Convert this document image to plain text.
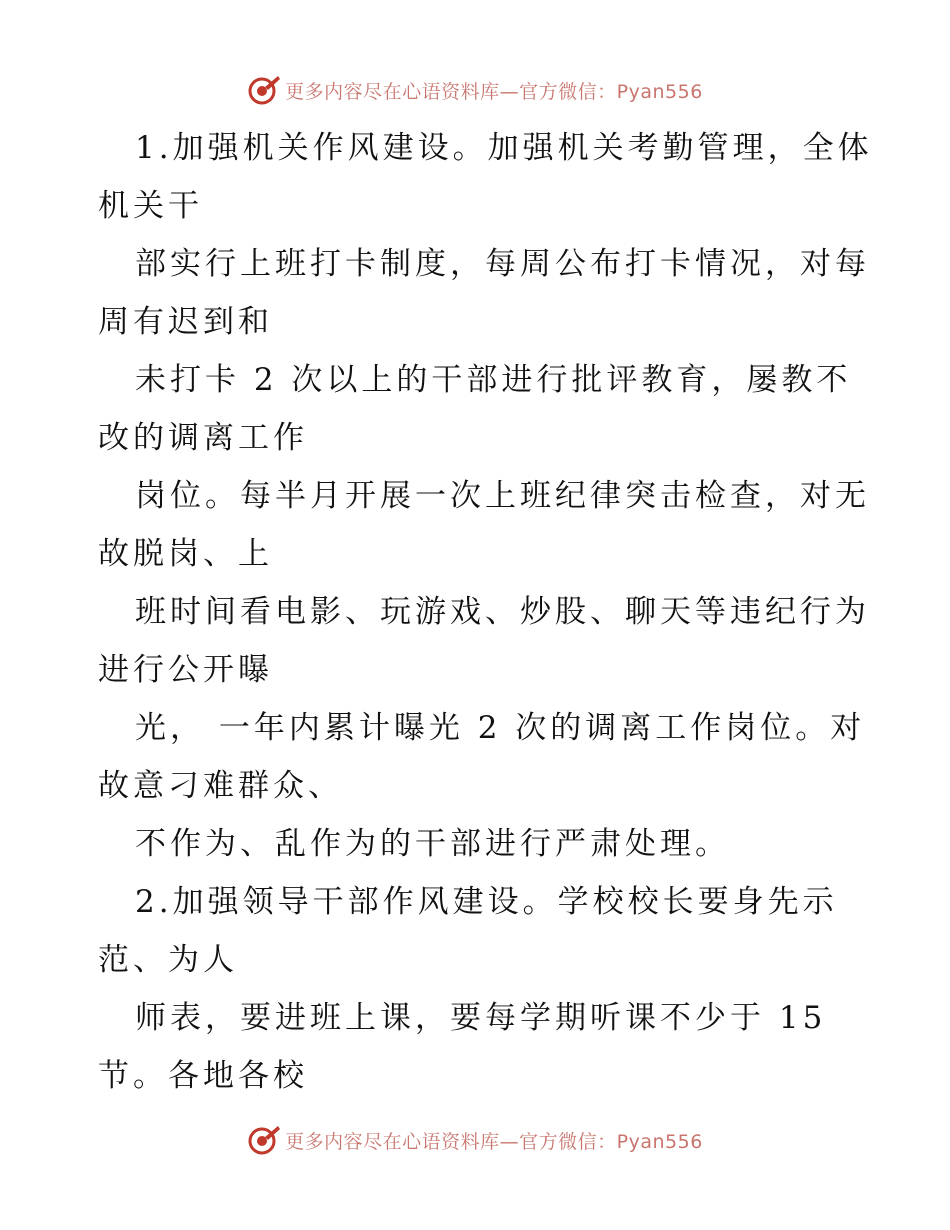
更多内容尽在心语资料库—官方微信：Pyan556
1.加强机关作风建设。加强机关考勤管理，全体
机关干
部实行上班打卡制度，每周公布打卡情况，对每
周有迟到和
未打卡 2 次以上的干部进行批评教育，屡教不
改的调离工作
岗位。每半月开展一次上班纪律突击检查，对无
故脱岗、上
班时间看电影、玩游戏、炒股、聊天等违纪行为
进行公开曝
光， 一年内累计曝光 2 次的调离工作岗位。对
故意刁难群众、
不作为、乱作为的干部进行严肃处理。
2.加强领导干部作风建设。学校校长要身先示
范、为人
师表，要进班上课，要每学期听课不少于 15
节。各地各校
更多内容尽在心语资料库—官方微信：Pyan556
